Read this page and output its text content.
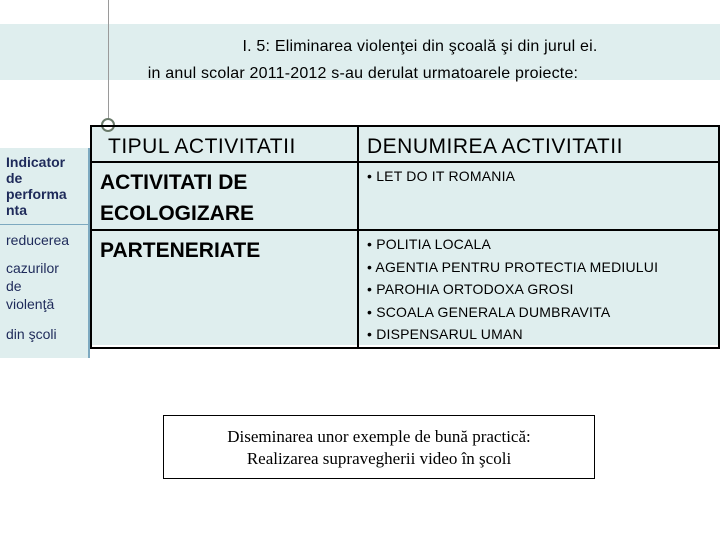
I. 5: Eliminarea violenţei din şcoală şi din jurul ei.
in anul scolar 2011-2012 s-au derulat urmatoarele proiecte:
Indicator
de
performa
nta
reducerea
cazurilor
de
violenţă
din şcoli
TIPUL ACTIVITATII	DENUMIREA ACTIVITATII

ACTIVITATI DE
ECOLOGIZARE	• LET DO IT ROMANIA

PARTENERIATE	• POLITIA LOCALA
• AGENTIA PENTRU PROTECTIA MEDIULUI
• PAROHIA ORTODOXA GROSI
• SCOALA GENERALA DUMBRAVITA
• DISPENSARUL UMAN
Diseminarea unor exemple de bună practică:
Realizarea supravegherii video în şcoli
